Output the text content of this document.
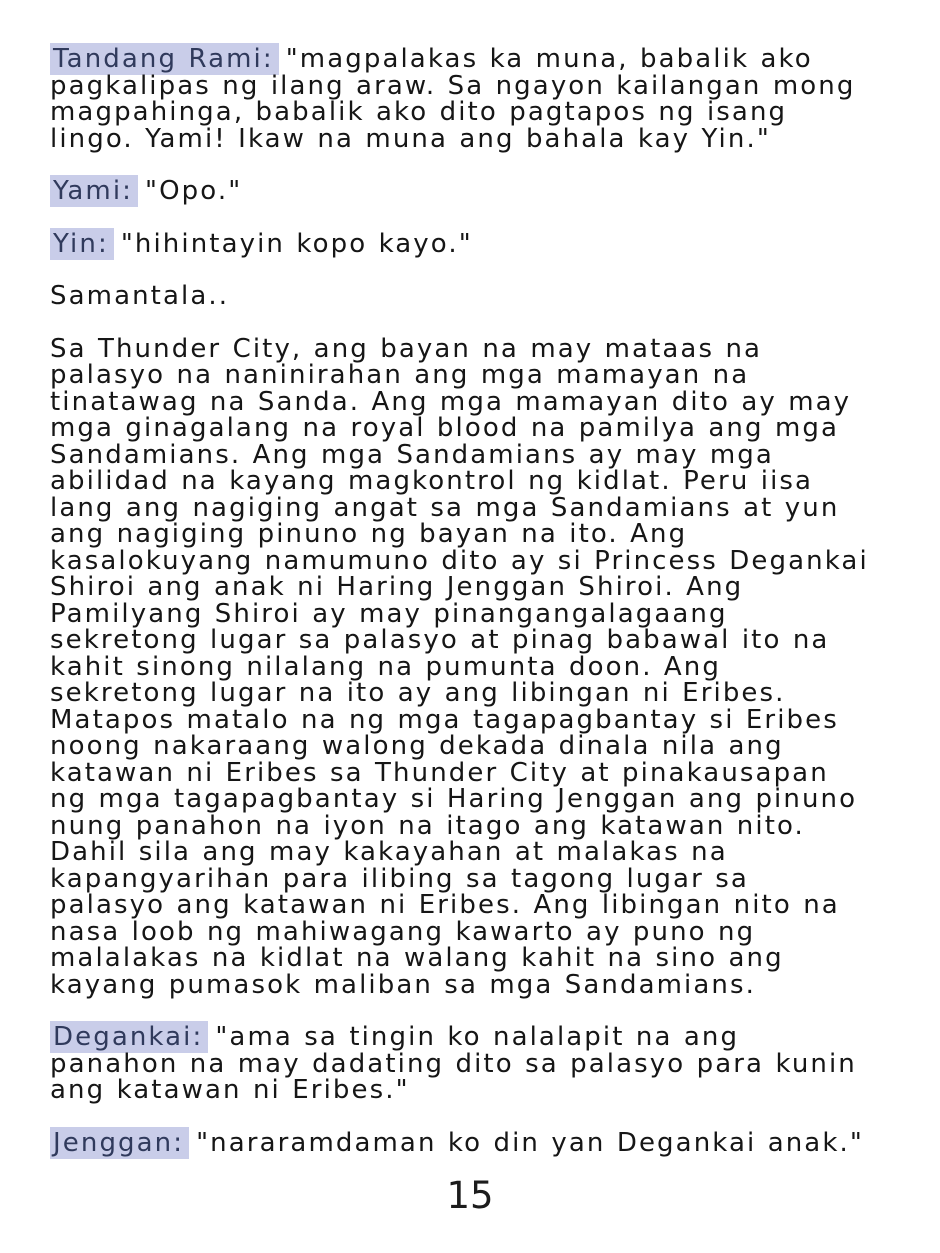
Tandang Rami: "magpalakas ka muna, babalik ako pagkalipas ng ilang araw. Sa ngayon kailangan mong magpahinga, babalik ako dito pagtapos ng isang lingo. Yami! Ikaw na muna ang bahala kay Yin."

Yami: "Opo."

Yin: "hihintayin kopo kayo."

Samantala..

Sa Thunder City, ang bayan na may mataas na palasyo na naninirahan ang mga mamayan na tinatawag na Sanda. Ang mga mamayan dito ay may mga ginagalang na royal blood na pamilya ang mga Sandamians. Ang mga Sandamians ay may mga abilidad na kayang magkontrol ng kidlat. Peru iisa lang ang nagiging angat sa mga Sandamians at yun ang nagiging pinuno ng bayan na ito. Ang kasalokuyang namumuno dito ay si Princess Degankai Shiroi ang anak ni Haring Jenggan Shiroi. Ang Pamilyang Shiroi ay may pinangangalagaang sekretong lugar sa palasyo at pinag babawal ito na kahit sinong nilalang na pumunta doon. Ang sekretong lugar na ito ay ang libingan ni Eribes. Matapos matalo na ng mga tagapagbantay si Eribes noong nakaraang walong dekada dinala nila ang katawan ni Eribes sa Thunder City at pinakausapan ng mga tagapagbantay si Haring Jenggan ang pinuno nung panahon na iyon na itago ang katawan nito. Dahil sila ang may kakayahan at malakas na kapangyarihan para ilibing sa tagong lugar sa palasyo ang katawan ni Eribes. Ang libingan nito na nasa loob ng mahiwagang kawarto ay puno ng malalakas na kidlat na walang kahit na sino ang kayang pumasok maliban sa mga Sandamians.

Degankai: "ama sa tingin ko nalalapit na ang panahon na may dadating dito sa palasyo para kunin ang katawan ni Eribes."

Jenggan: "nararamdaman ko din yan Degankai anak."

15
